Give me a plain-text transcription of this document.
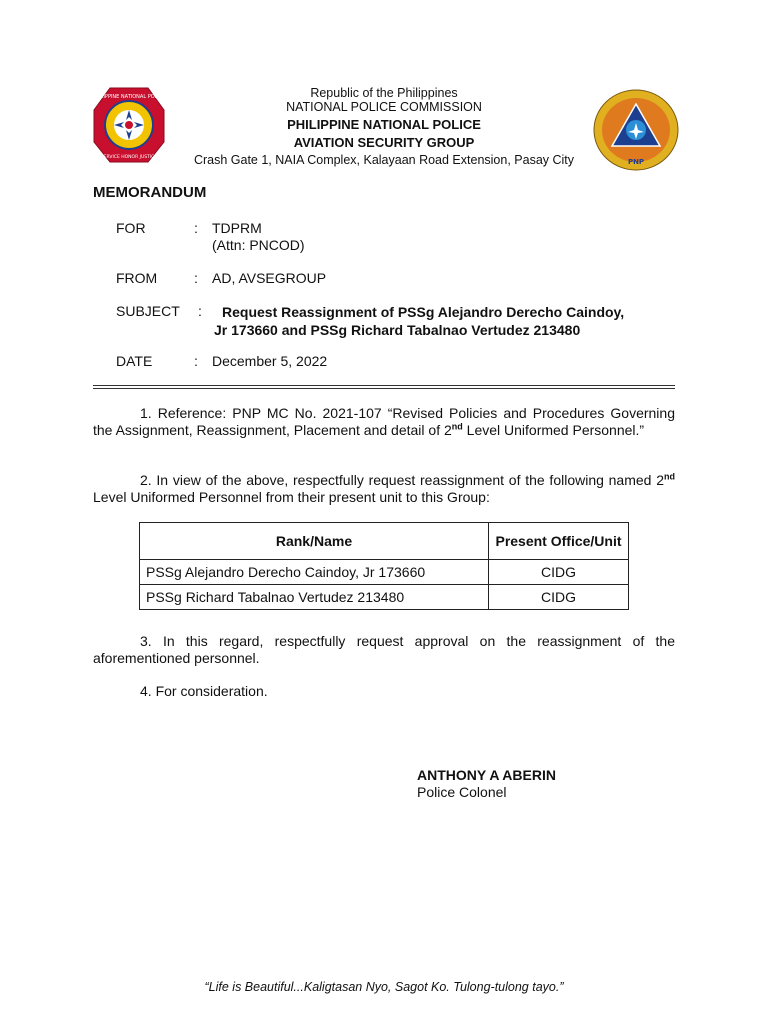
PHILIPPINE NATIONAL POLICE
SERVICE HONOR JUSTICE
PNP
Republic of the Philippines
NATIONAL POLICE COMMISSION
PHILIPPINE NATIONAL POLICE
AVIATION SECURITY GROUP
Crash Gate 1, NAIA Complex, Kalayaan Road Extension, Pasay City
MEMORANDUM
FOR	: TDPRM
(Attn: PNCOD)
FROM	: AD, AVSEGROUP
SUBJECT : Request Reassignment of PSSg Alejandro Derecho Caindoy,
Jr 173660 and PSSg Richard Tabalnao Vertudez 213480
DATE	: December 5, 2022

1. Reference: PNP MC No. 2021-107 “Revised Policies and Procedures Governing the Assignment, Reassignment, Placement and detail of 2nd Level Uniformed Personnel.”

2. In view of the above, respectfully request reassignment of the following named 2nd Level Uniformed Personnel from their present unit to this Group:

Rank/Name	Present Office/Unit
PSSg Alejandro Derecho Caindoy, Jr 173660	CIDG
PSSg Richard Tabalnao Vertudez 213480	CIDG

3. In this regard, respectfully request approval on the reassignment of the aforementioned personnel.

4. For consideration.

ANTHONY A ABERIN
Police Colonel
“Life is Beautiful...Kaligtasan Nyo, Sagot Ko. Tulong-tulong tayo.”
